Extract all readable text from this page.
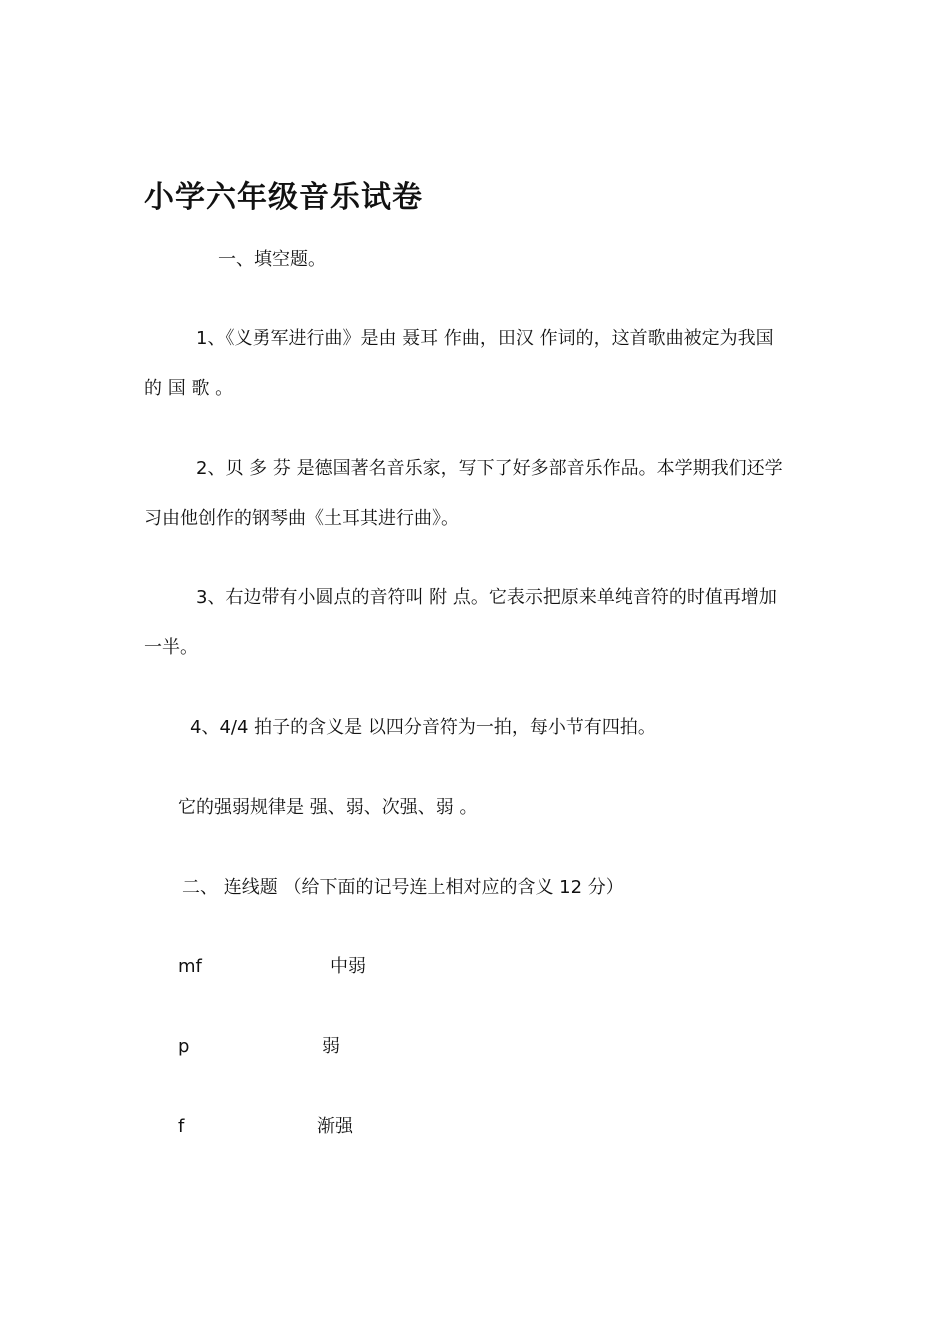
小学六年级音乐试卷
一、填空题。
1、《义勇军进行曲》是由 聂耳 作曲，田汉 作词的，这首歌曲被定为我国
的 国 歌 。
2、贝 多 芬 是德国著名音乐家，写下了好多部音乐作品。本学期我们还学
习由他创作的钢琴曲《土耳其进行曲》。
3、右边带有小圆点的音符叫 附 点。它表示把原来单纯音符的时值再增加
一半。
4、4/4 拍子的含义是 以四分音符为一拍，每小节有四拍。
它的强弱规律是 强、弱、次强、弱 。
二、 连线题 （给下面的记号连上相对应的含义 12 分）
mf	中弱
p	弱
f	渐强
